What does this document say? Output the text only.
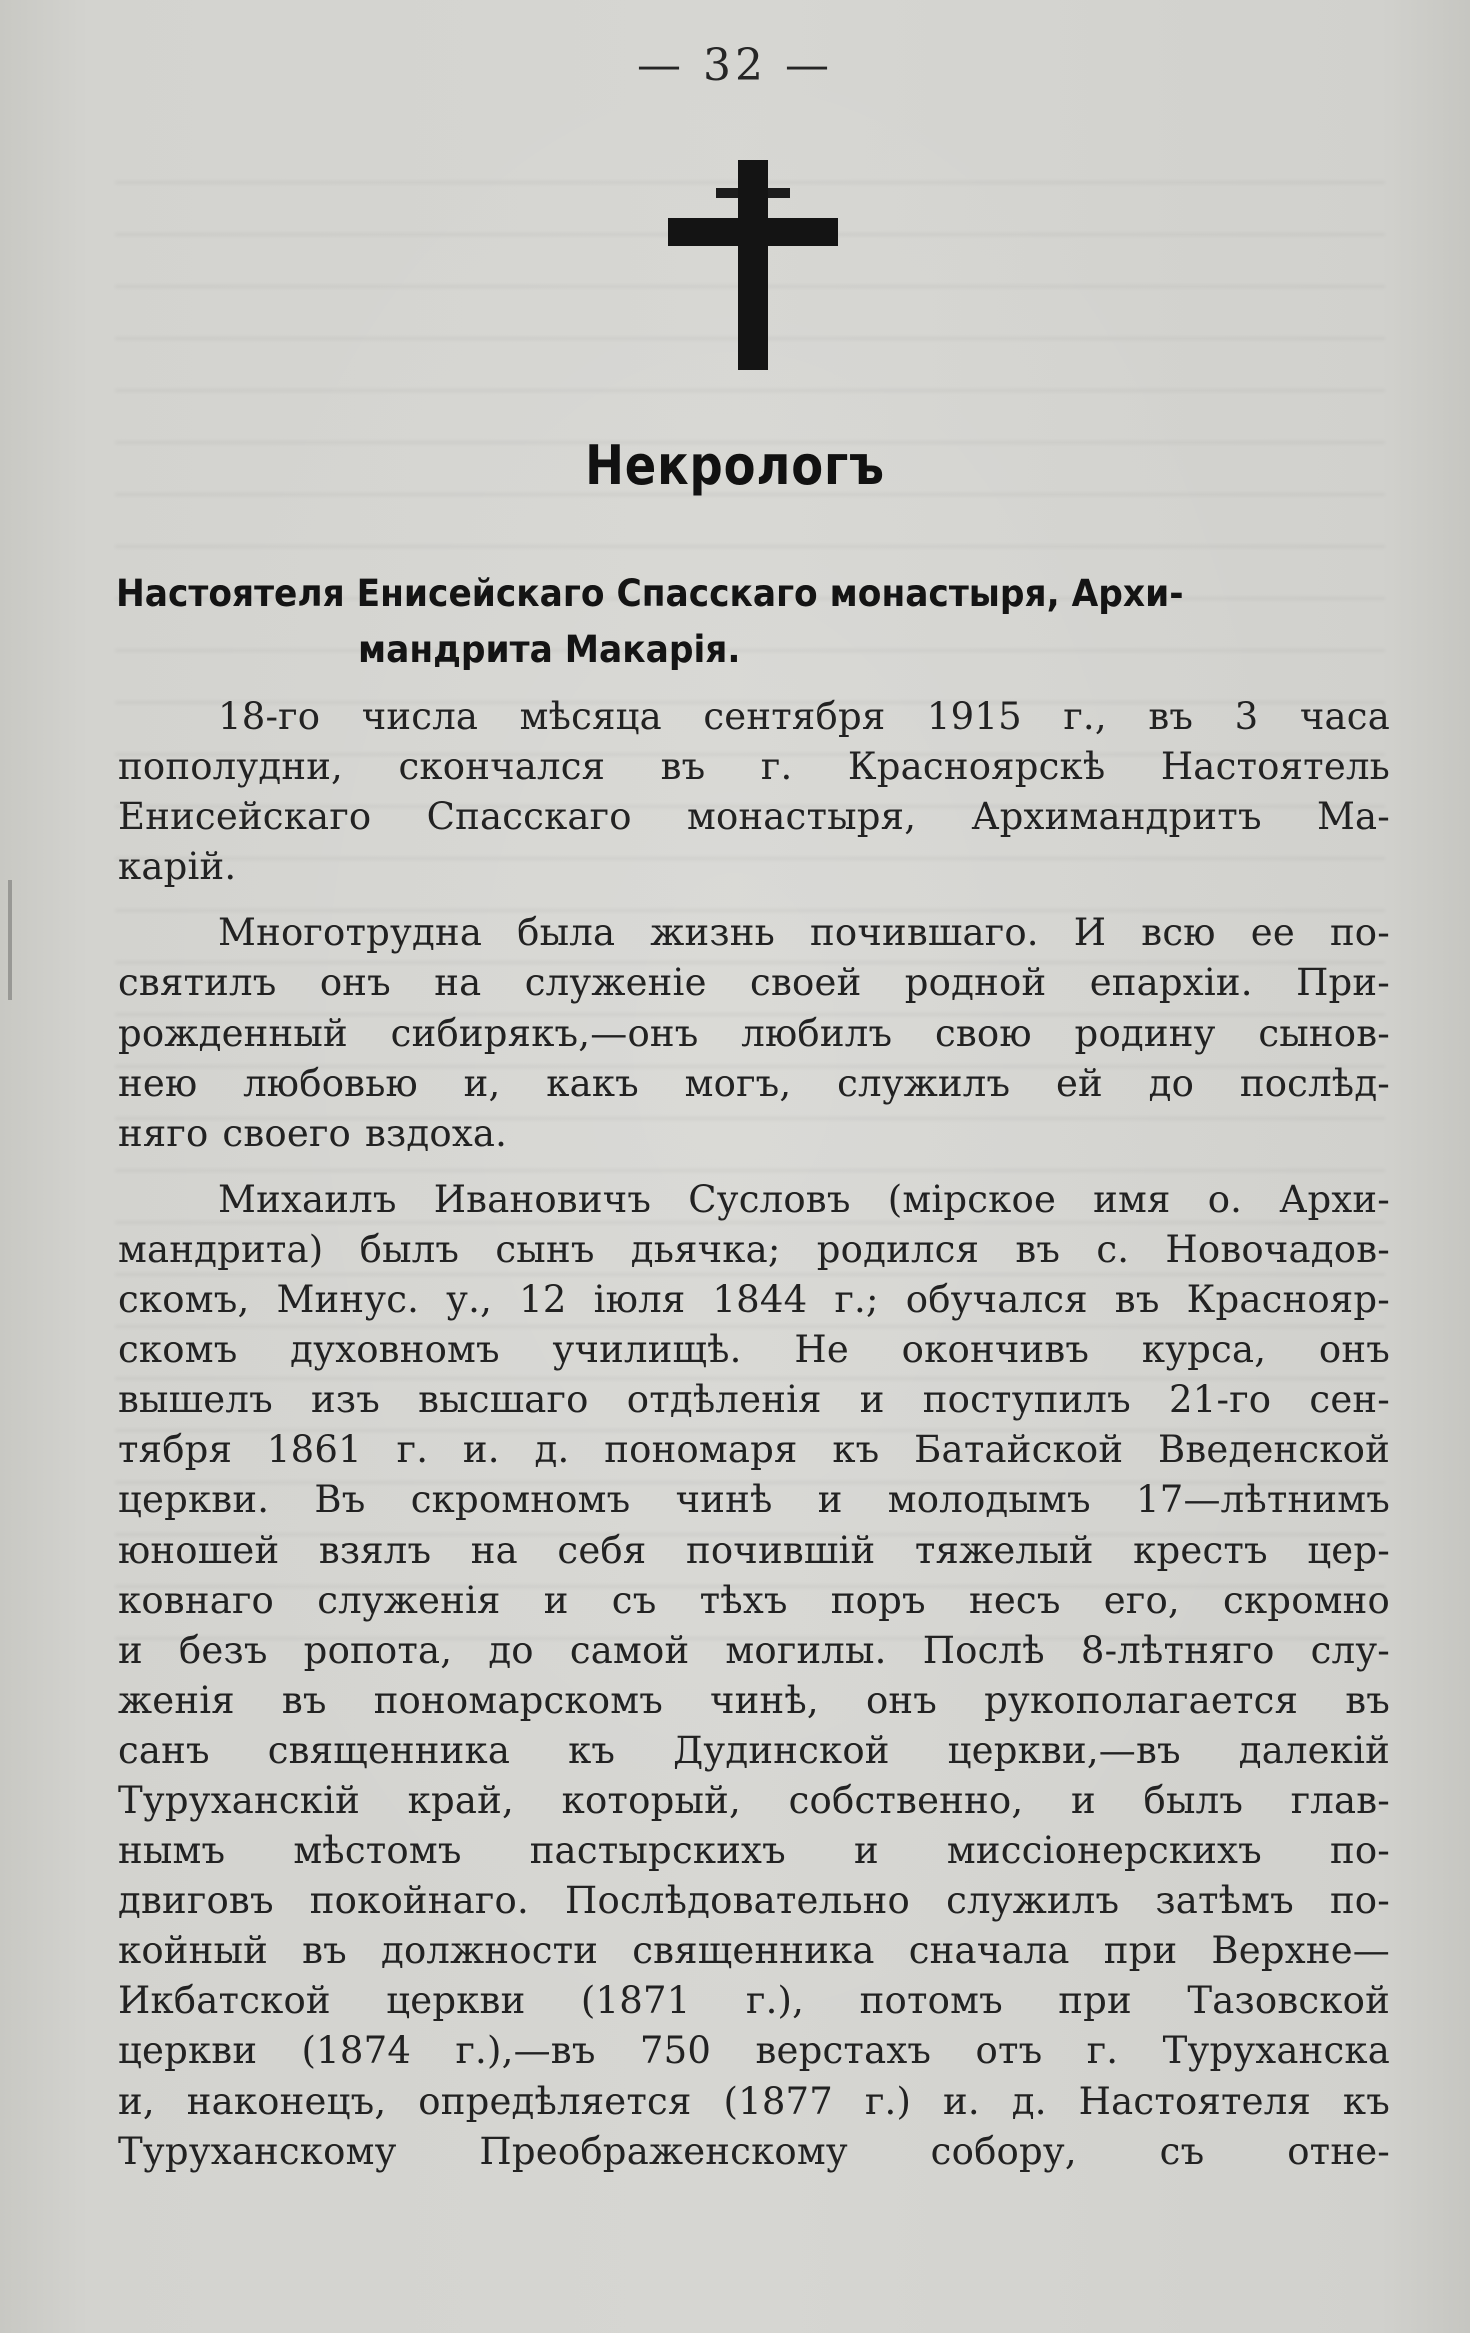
— 32 —
Некрологъ
Настоятеля Енисейскаго Спасскаго монастыря, Архи-
мандрита Макарія.
18-го числа мѣсяца сентября 1915 г., въ 3 часа
пополудни, скончался въ г. Красноярскѣ Настоятель
Енисейскаго Спасскаго монастыря, Архимандритъ Ма-
карій.
Многотрудна была жизнь почившаго. И всю ее по-
святилъ онъ на служеніе своей родной епархіи. При-
рожденный сибирякъ,—онъ любилъ свою родину сынов-
нею любовью и, какъ могъ, служилъ ей до послѣд-
няго своего вздоха.
Михаилъ Ивановичъ Сусловъ (мірское имя о. Архи-
мандрита) былъ сынъ дьячка; родился въ с. Новочадов-
скомъ, Минус. у., 12 іюля 1844 г.; обучался въ Краснояр-
скомъ духовномъ училищѣ. Не окончивъ курса, онъ
вышелъ изъ высшаго отдѣленія и поступилъ 21-го сен-
тября 1861 г. и. д. пономаря къ Батайской Введенской
церкви. Въ скромномъ чинѣ и молодымъ 17—лѣтнимъ
юношей взялъ на себя почившій тяжелый крестъ цер-
ковнаго служенія и съ тѣхъ поръ несъ его, скромно
и безъ ропота, до самой могилы. Послѣ 8-лѣтняго слу-
женія въ пономарскомъ чинѣ, онъ рукополагается въ
санъ священника къ Дудинской церкви,—въ далекій
Туруханскій край, который, собственно, и былъ глав-
нымъ мѣстомъ пастырскихъ и миссіонерскихъ по-
двиговъ покойнаго. Послѣдовательно служилъ затѣмъ по-
койный въ должности священника сначала при Верхне—
Икбатской церкви (1871 г.), потомъ при Тазовской
церкви (1874 г.),—въ 750 верстахъ отъ г. Туруханска
и, наконецъ, опредѣляется (1877 г.) и. д. Настоятеля къ
Туруханскому Преображенскому собору, съ отне-
